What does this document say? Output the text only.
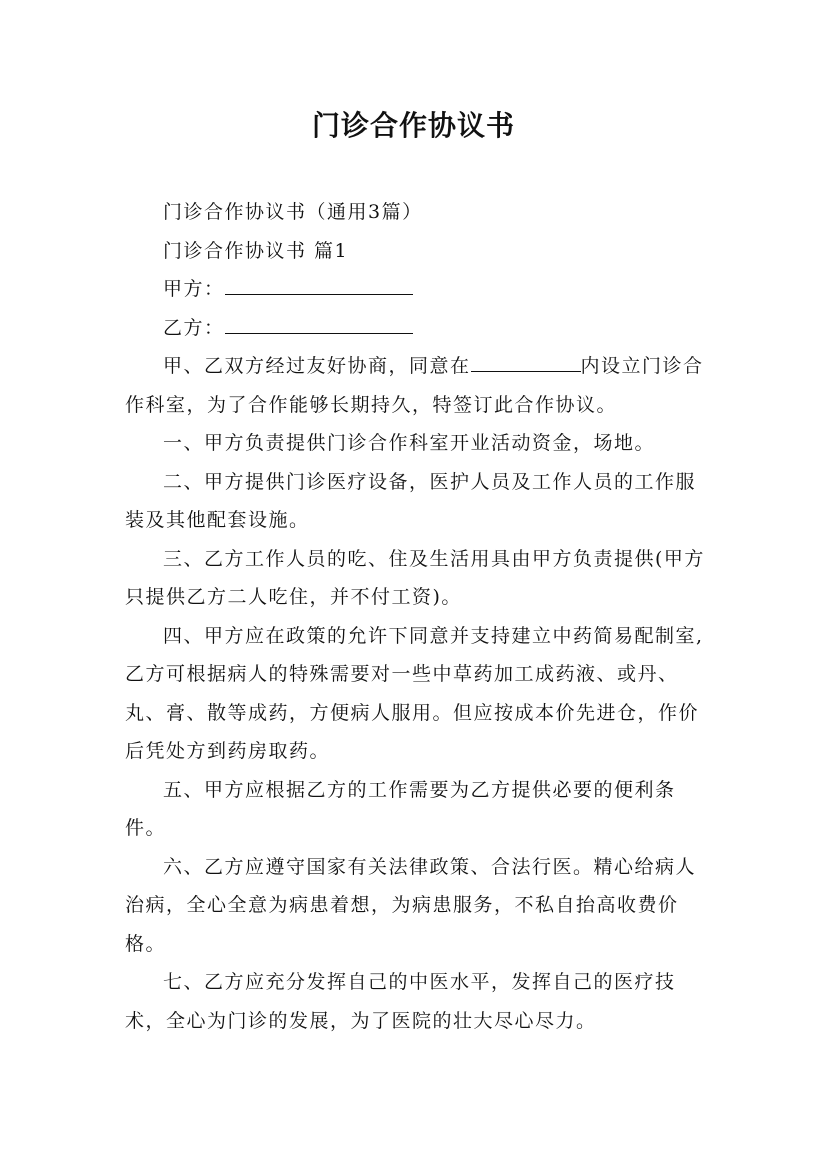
门诊合作协议书

门诊合作协议书（通用3篇）

门诊合作协议书 篇1

甲方：

乙方：

甲、乙双方经过友好协商，同意在	内设立门诊合作科室，为了合作能够长期持久，特签订此合作协议。

一、甲方负责提供门诊合作科室开业活动资金，场地。

二、甲方提供门诊医疗设备，医护人员及工作人员的工作服装及其他配套设施。

三、乙方工作人员的吃、住及生活用具由甲方负责提供(甲方只提供乙方二人吃住，并不付工资)。

四、甲方应在政策的允许下同意并支持建立中药简易配制室,乙方可根据病人的特殊需要对一些中草药加工成药液、或丹、丸、膏、散等成药，方便病人服用。但应按成本价先进仓，作价后凭处方到药房取药。

五、甲方应根据乙方的工作需要为乙方提供必要的便利条件。

六、乙方应遵守国家有关法律政策、合法行医。精心给病人治病，全心全意为病患着想，为病患服务，不私自抬高收费价格。

七、乙方应充分发挥自己的中医水平，发挥自己的医疗技术，全心为门诊的发展，为了医院的壮大尽心尽力。
